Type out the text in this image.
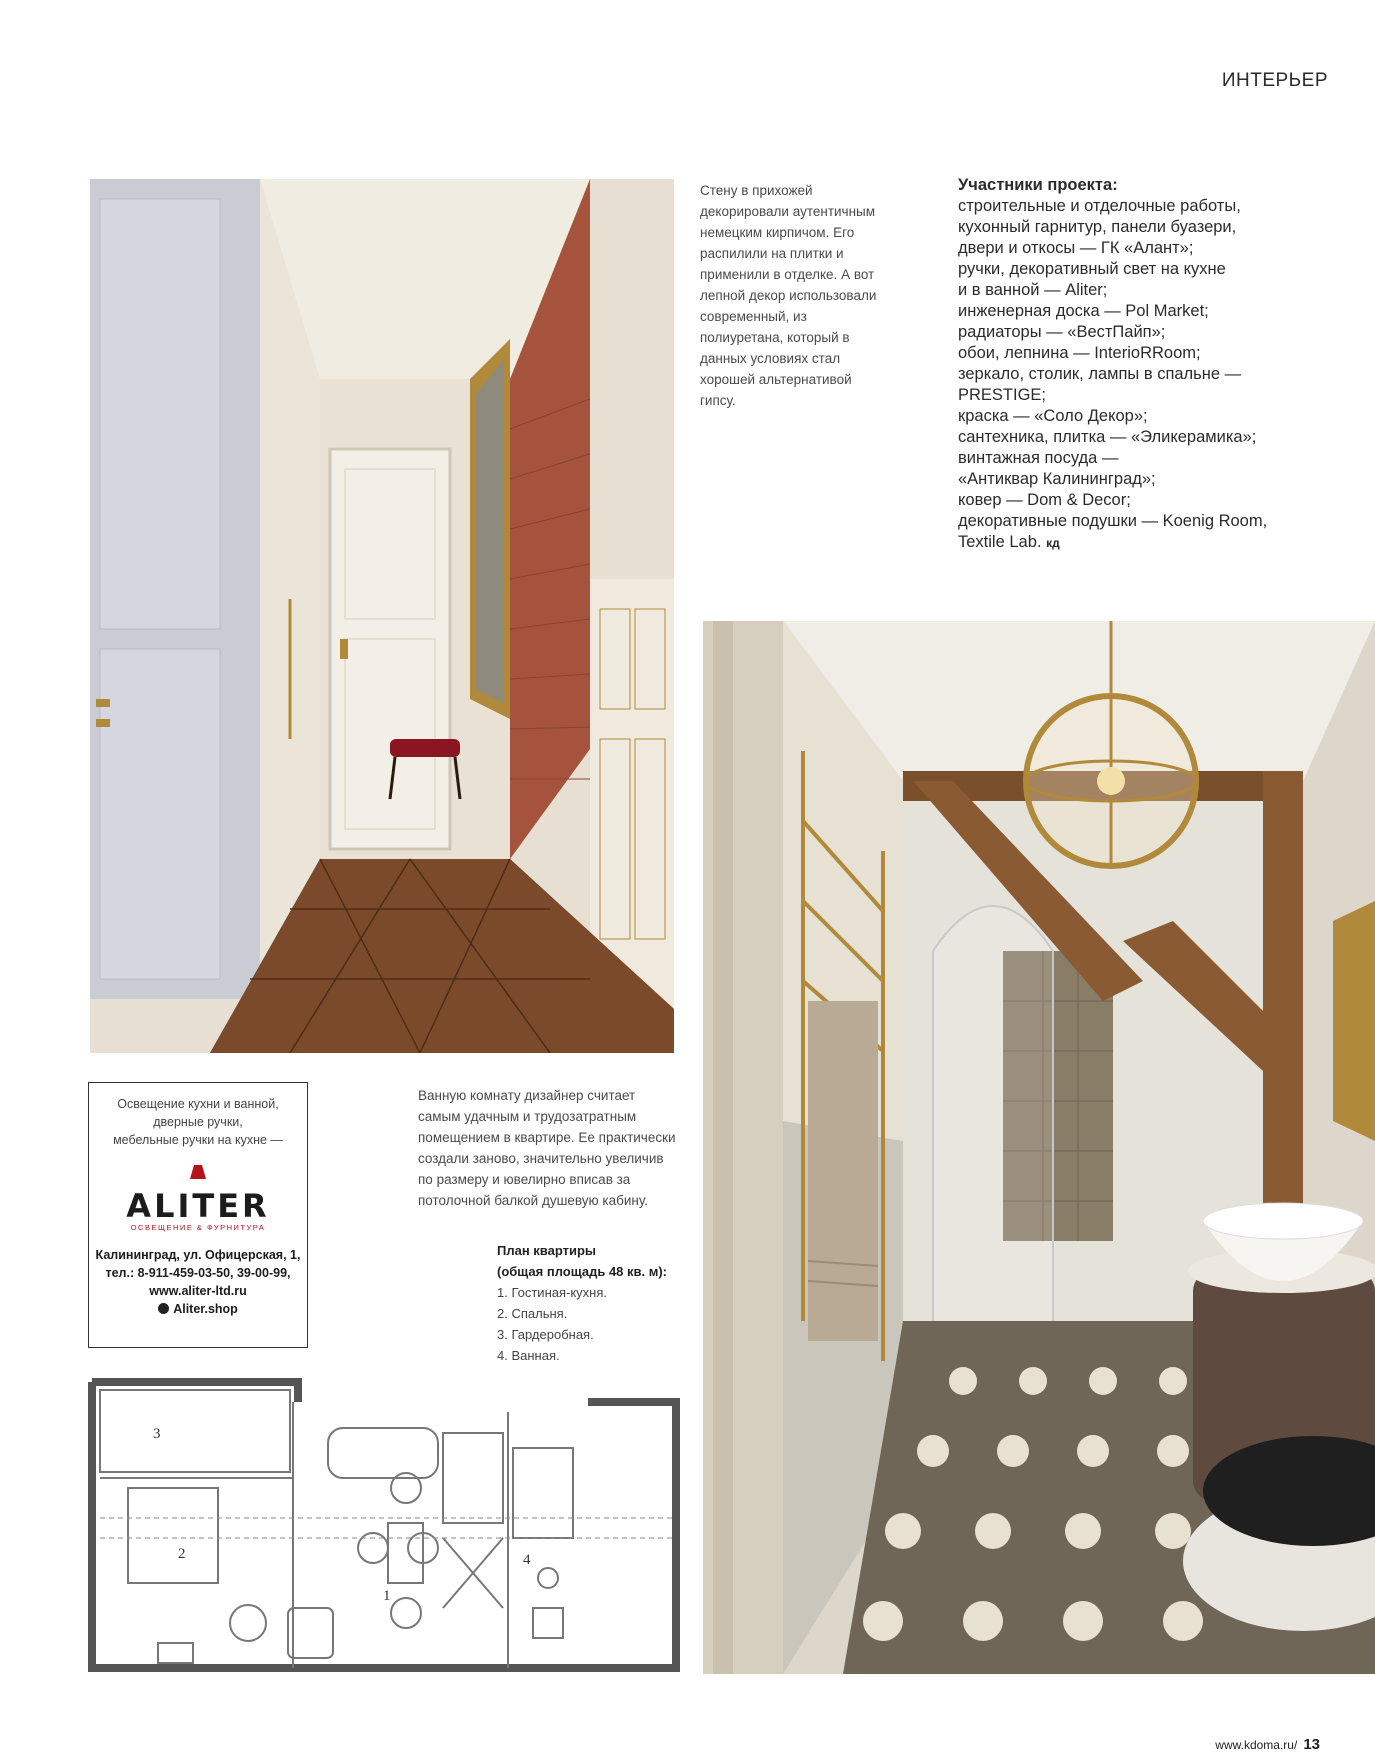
ИНТЕРЬЕР
Стену в прихожей декорировали аутентичным немецким кирпичом. Его распилили на плитки и применили в отделке. А вот лепной декор использовали современный, из полиуретана, который в данных условиях стал хорошей альтернативой гипсу.
Участники проекта:
строительные и отделочные работы,
кухонный гарнитур, панели буазери,
двери и откосы — ГК «Алант»;
ручки, декоративный свет на кухне
и в ванной — Aliter;
инженерная доска — Pol Market;
радиаторы — «ВестПайп»;
обои, лепнина — InterioRRoom;
зеркало, столик, лампы в спальне —
PRESTIGE;
краска — «Соло Декор»;
сантехника, плитка — «Эликерамика»;
винтажная посуда —
«Антиквар Калининград»;
ковер — Dom & Decor;
декоративные подушки — Koenig Room,
Textile Lab. кд
Освещение кухни и ванной,
дверные ручки,
мебельные ручки на кухне —
ALITER
ОСВЕЩЕНИЕ & ФУРНИТУРА
Калининград, ул. Офицерская, 1,
тел.: 8-911-459-03-50, 39-00-99,
www.aliter-ltd.ru
Aliter.shop
Ванную комнату дизайнер считает самым удачным и трудозатратным помещением в квартире. Ее практически создали заново, значительно увеличив по размеру и ювелирно вписав за потолочной балкой душевую кабину.
План квартиры
(общая площадь 48 кв. м):
1. Гостиная-кухня.
2. Спальня.
3. Гардеробная.
4. Ванная.
1
2
3
4
www.kdoma.ru/ 13
